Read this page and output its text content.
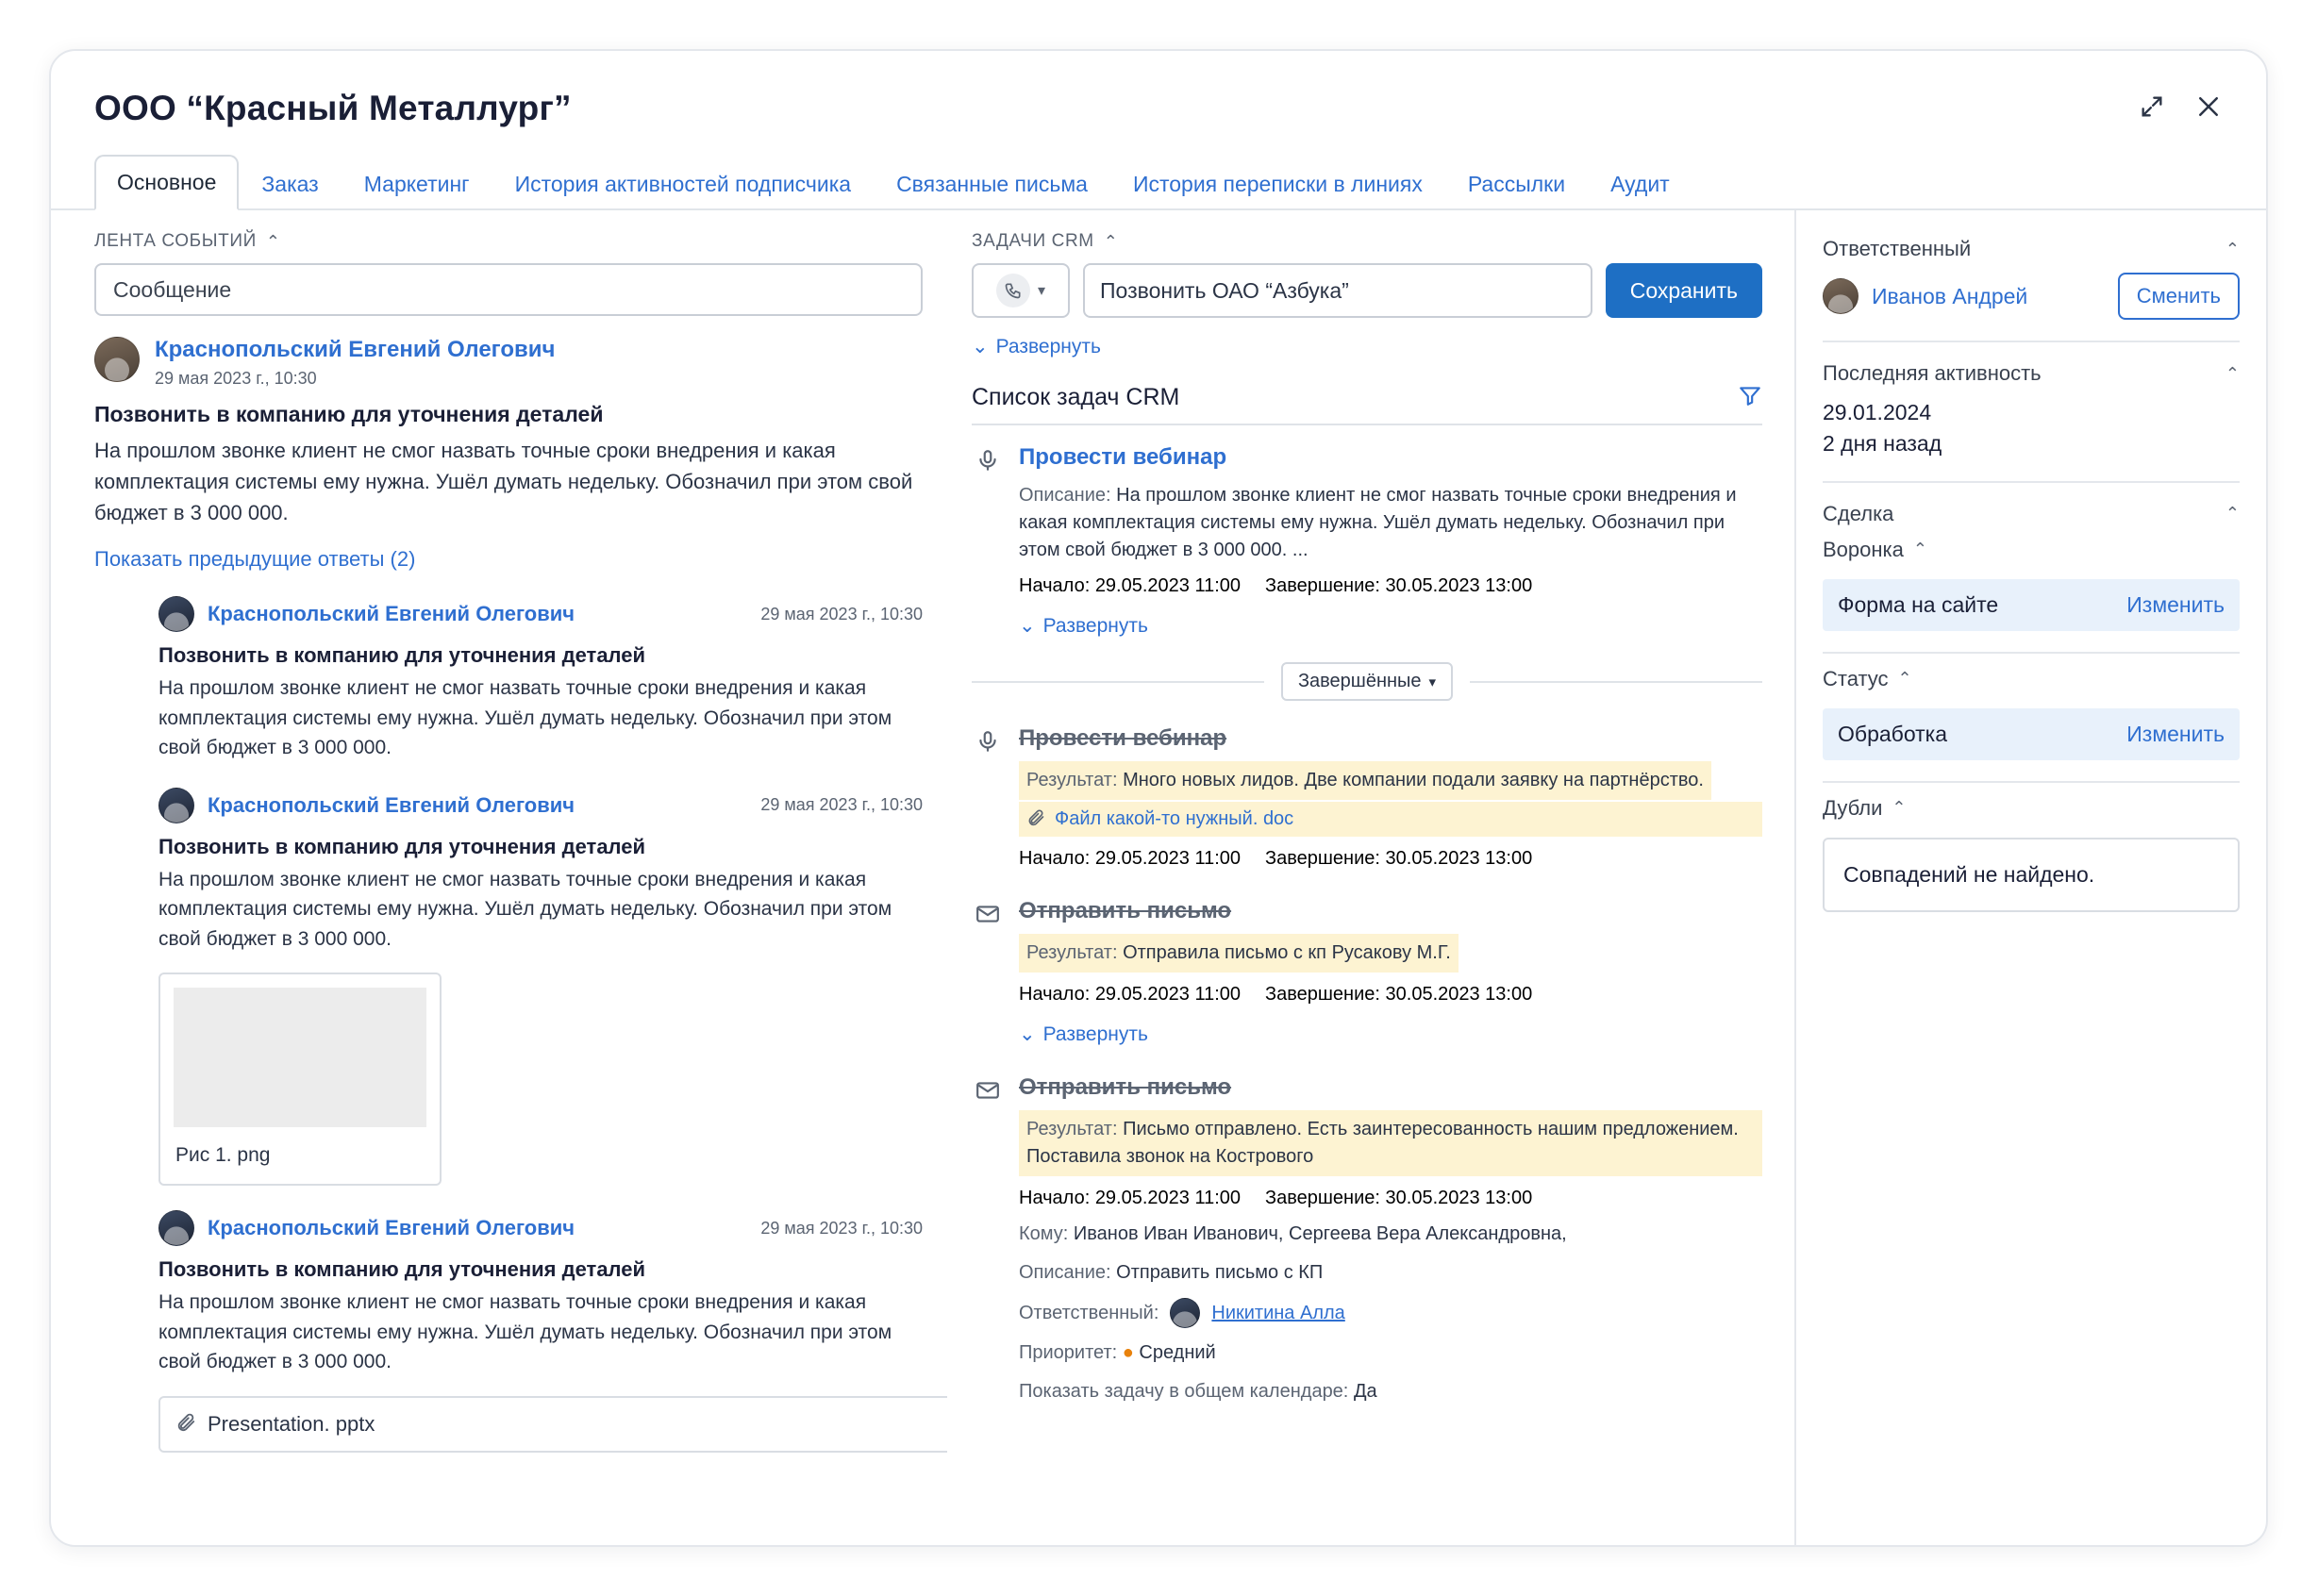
ООО “Красный Металлург”
Основное	Заказ	Маркетинг	История активностей подписчика	Связанные письма	История переписки в линиях	Рассылки	Аудит
ЛЕНТА СОБЫТИЙ ⌃
Сообщение
Краснопольский Евгений Олегович
29 мая 2023 г., 10:30
Позвонить в компанию для уточнения деталей
На прошлом звонке клиент не смог назвать точные сроки внедрения и какая комплектация системы ему нужна. Ушёл думать недельку. Обозначил при этом свой бюджет в 3 000 000.
Показать предыдущие ответы (2)
Краснопольский Евгений Олегович	29 мая 2023 г., 10:30
Позвонить в компанию для уточнения деталей
На прошлом звонке клиент не смог назвать точные сроки внедрения и какая комплектация системы ему нужна. Ушёл думать недельку. Обозначил при этом свой бюджет в 3 000 000.
Краснопольский Евгений Олегович	29 мая 2023 г., 10:30
Позвонить в компанию для уточнения деталей
На прошлом звонке клиент не смог назвать точные сроки внедрения и какая комплектация системы ему нужна. Ушёл думать недельку. Обозначил при этом свой бюджет в 3 000 000.
Рис 1. png
Краснопольский Евгений Олегович	29 мая 2023 г., 10:30
Позвонить в компанию для уточнения деталей
На прошлом звонке клиент не смог назвать точные сроки внедрения и какая комплектация системы ему нужна. Ушёл думать недельку. Обозначил при этом свой бюджет в 3 000 000.
Presentation. pptx
ЗАДАЧИ CRM ⌃
▾
Позвонить ОАО “Азбука”	Сохранить
⌄ Развернуть
Список задач CRM
Провести вебинар
Описание: На прошлом звонке клиент не смог назвать точные сроки внедрения и какая комплектация системы ему нужна. Ушёл думать недельку. Обозначил при этом свой бюджет в 3 000 000. ...
Начало: 29.05.2023 11:00 Завершение: 30.05.2023 13:00
⌄ Развернуть
Завершённые ▾
Провести вебинар
Результат: Много новых лидов. Две компании подали заявку на партнёрство.
Файл какой-то нужный. doc
Начало: 29.05.2023 11:00 Завершение: 30.05.2023 13:00
Отправить письмо
Результат: Отправила письмо с кп Русакову М.Г.
Начало: 29.05.2023 11:00 Завершение: 30.05.2023 13:00
⌄ Развернуть
Отправить письмо
Результат: Письмо отправлено. Есть заинтересованность нашим предложением. Поставила звонок на Кострового
Начало: 29.05.2023 11:00 Завершение: 30.05.2023 13:00
Кому: Иванов Иван Иванович, Сергеева Вера Александровна,
Описание: Отправить письмо с КП
Ответственный:	Никитина Алла
Приоритет: ● Средний
Показать задачу в общем календаре: Да
Ответственный	⌃
Иванов Андрей	Сменить
Последняя активность	⌃
29.01.2024
2 дня назад
Сделка	⌃
Воронка ⌃
Форма на сайте	Изменить
Статус ⌃
Обработка	Изменить
Дубли ⌃
Совпадений не найдено.
